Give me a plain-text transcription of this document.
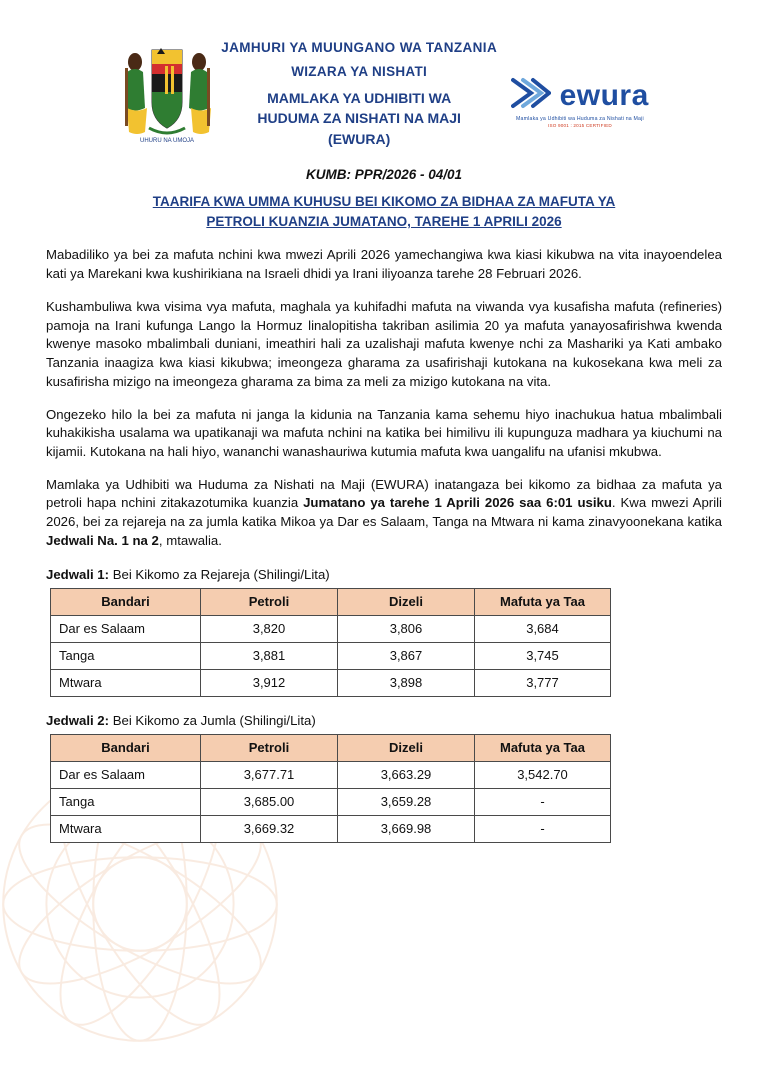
UHURU NA UMOJA
JAMHURI YA MUUNGANO WA TANZANIA
WIZARA YA NISHATI
MAMLAKA YA UDHIBITI WA
HUDUMA ZA NISHATI NA MAJI
(EWURA)
ewura
Mamlaka ya Udhibiti wa Huduma za Nishati na Maji
ISO 9001 : 2015 CERTIFIED
KUMB: PPR/2026 - 04/01
TAARIFA KWA UMMA KUHUSU BEI KIKOMO ZA BIDHAA ZA MAFUTA YA
PETROLI KUANZIA JUMATANO, TAREHE 1 APRILI 2026

Mabadiliko ya bei za mafuta nchini kwa mwezi Aprili 2026 yamechangiwa kwa kiasi kikubwa na vita inayoendelea kati ya Marekani kwa kushirikiana na Israeli dhidi ya Irani iliyoanza tarehe 28 Februari 2026.

Kushambuliwa kwa visima vya mafuta, maghala ya kuhifadhi mafuta na viwanda vya kusafisha mafuta (refineries) pamoja na Irani kufunga Lango la Hormuz linalopitisha takriban asilimia 20 ya mafuta yanayosafirishwa kwenda kwenye masoko mbalimbali duniani, imeathiri hali za uzalishaji mafuta kwenye nchi za Mashariki ya Kati ambako Tanzania inaagiza kwa kiasi kikubwa; imeongeza gharama za usafirishaji kutokana na kukosekana kwa meli za kusafirisha mizigo na imeongeza gharama za bima za meli za mizigo kutokana na vita.

Ongezeko hilo la bei za mafuta ni janga la kidunia na Tanzania kama sehemu hiyo inachukua hatua mbalimbali kuhakikisha usalama wa upatikanaji wa mafuta nchini na katika bei himilivu ili kupunguza madhara ya kiuchumi na kijamii. Kutokana na hali hiyo, wananchi wanashauriwa kutumia mafuta kwa uangalifu na ufanisi mkubwa.

Mamlaka ya Udhibiti wa Huduma za Nishati na Maji (EWURA) inatangaza bei kikomo za bidhaa za mafuta ya petroli hapa nchini zitakazotumika kuanzia Jumatano ya tarehe 1 Aprili 2026 saa 6:01 usiku. Kwa mwezi Aprili 2026, bei za rejareja na za jumla katika Mikoa ya Dar es Salaam, Tanga na Mtwara ni kama zinavyoonekana katika Jedwali Na. 1 na 2, mtawalia.

Jedwali 1: Bei Kikomo za Rejareja (Shilingi/Lita)
Bandari	Petroli	Dizeli	Mafuta ya Taa
Dar es Salaam	3,820	3,806	3,684
Tanga	3,881	3,867	3,745
Mtwara	3,912	3,898	3,777
Jedwali 2: Bei Kikomo za Jumla (Shilingi/Lita)
Bandari	Petroli	Dizeli	Mafuta ya Taa
Dar es Salaam	3,677.71	3,663.29	3,542.70
Tanga	3,685.00	3,659.28	-
Mtwara	3,669.32	3,669.98	-
